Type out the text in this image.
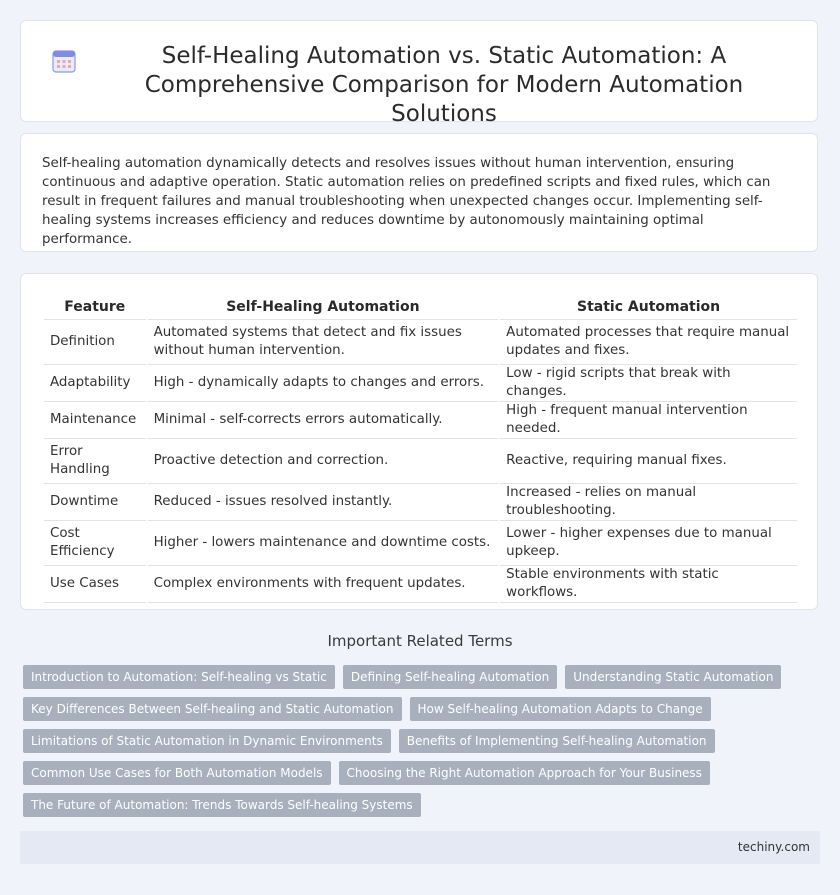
Self-Healing Automation vs. Static Automation: A Comprehensive Comparison for Modern Automation Solutions

Self-healing automation dynamically detects and resolves issues without human intervention, ensuring continuous and adaptive operation. Static automation relies on predefined scripts and fixed rules, which can result in frequent failures and manual troubleshooting when unexpected changes occur. Implementing self-healing systems increases efficiency and reduces downtime by autonomously maintaining optimal performance.

Feature	Self-Healing Automation	Static Automation
Definition	Automated systems that detect and fix issues without human intervention.	Automated processes that require manual updates and fixes.
Adaptability	High - dynamically adapts to changes and errors.	Low - rigid scripts that break with changes.
Maintenance	Minimal - self-corrects errors automatically.	High - frequent manual intervention needed.
Error Handling	Proactive detection and correction.	Reactive, requiring manual fixes.
Downtime	Reduced - issues resolved instantly.	Increased - relies on manual troubleshooting.
Cost Efficiency	Higher - lowers maintenance and downtime costs.	Lower - higher expenses due to manual upkeep.
Use Cases	Complex environments with frequent updates.	Stable environments with static workflows.
Important Related Terms
Introduction to Automation: Self-healing vs Static	Defining Self-healing Automation	Understanding Static Automation
Key Differences Between Self-healing and Static Automation	How Self-healing Automation Adapts to Change
Limitations of Static Automation in Dynamic Environments	Benefits of Implementing Self-healing Automation
Common Use Cases for Both Automation Models	Choosing the Right Automation Approach for Your Business
The Future of Automation: Trends Towards Self-healing Systems
techiny.com
